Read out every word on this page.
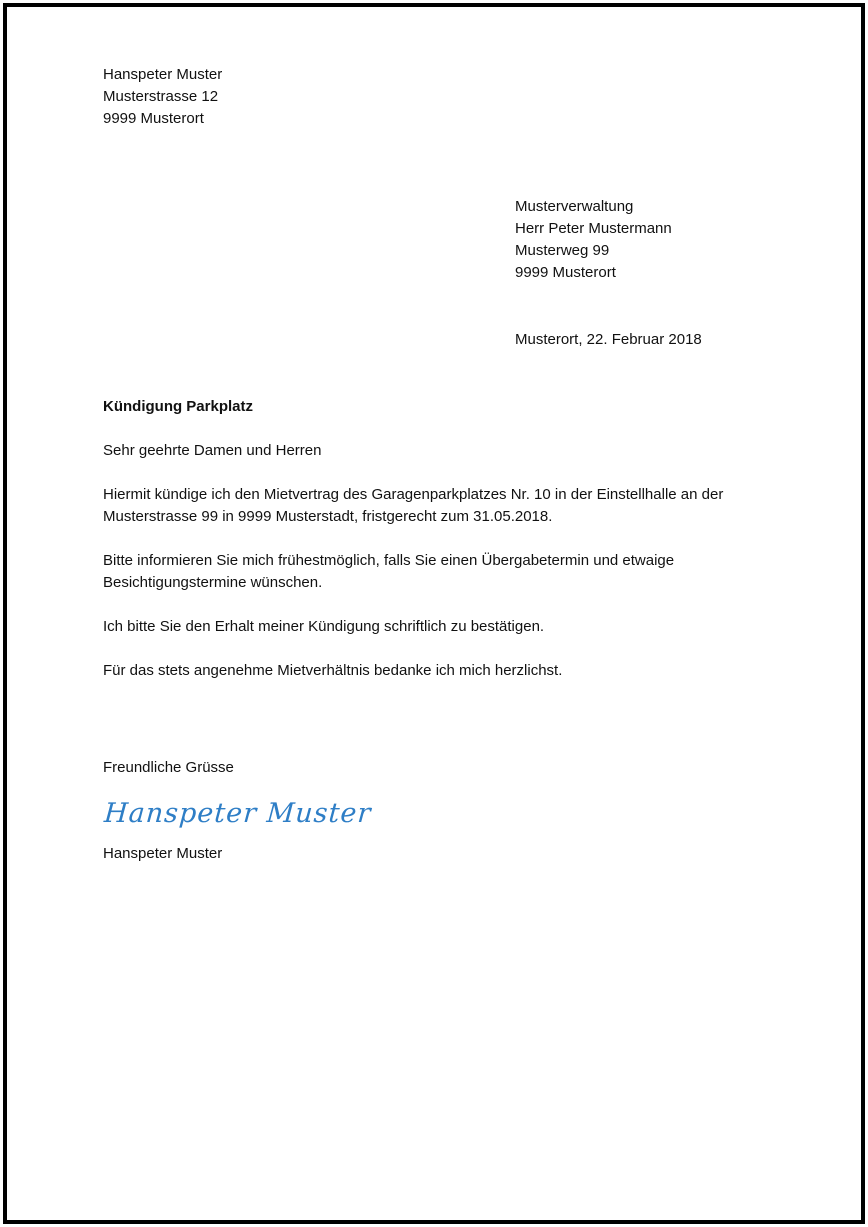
Hanspeter Muster
Musterstrasse 12
9999 Musterort
Musterverwaltung
Herr Peter Mustermann
Musterweg 99
9999 Musterort
Musterort, 22. Februar 2018
Kündigung Parkplatz
Sehr geehrte Damen und Herren

Hiermit kündige ich den Mietvertrag des Garagenparkplatzes Nr. 10 in der Einstellhalle an der Musterstrasse 99 in 9999 Musterstadt, fristgerecht zum 31.05.2018.

Bitte informieren Sie mich frühestmöglich, falls Sie einen Übergabetermin und etwaige Besichtigungstermine wünschen.

Ich bitte Sie den Erhalt meiner Kündigung schriftlich zu bestätigen.

Für das stets angenehme Mietverhältnis bedanke ich mich herzlichst.

Freundliche Grüsse
Hanspeter Muster
Hanspeter Muster
